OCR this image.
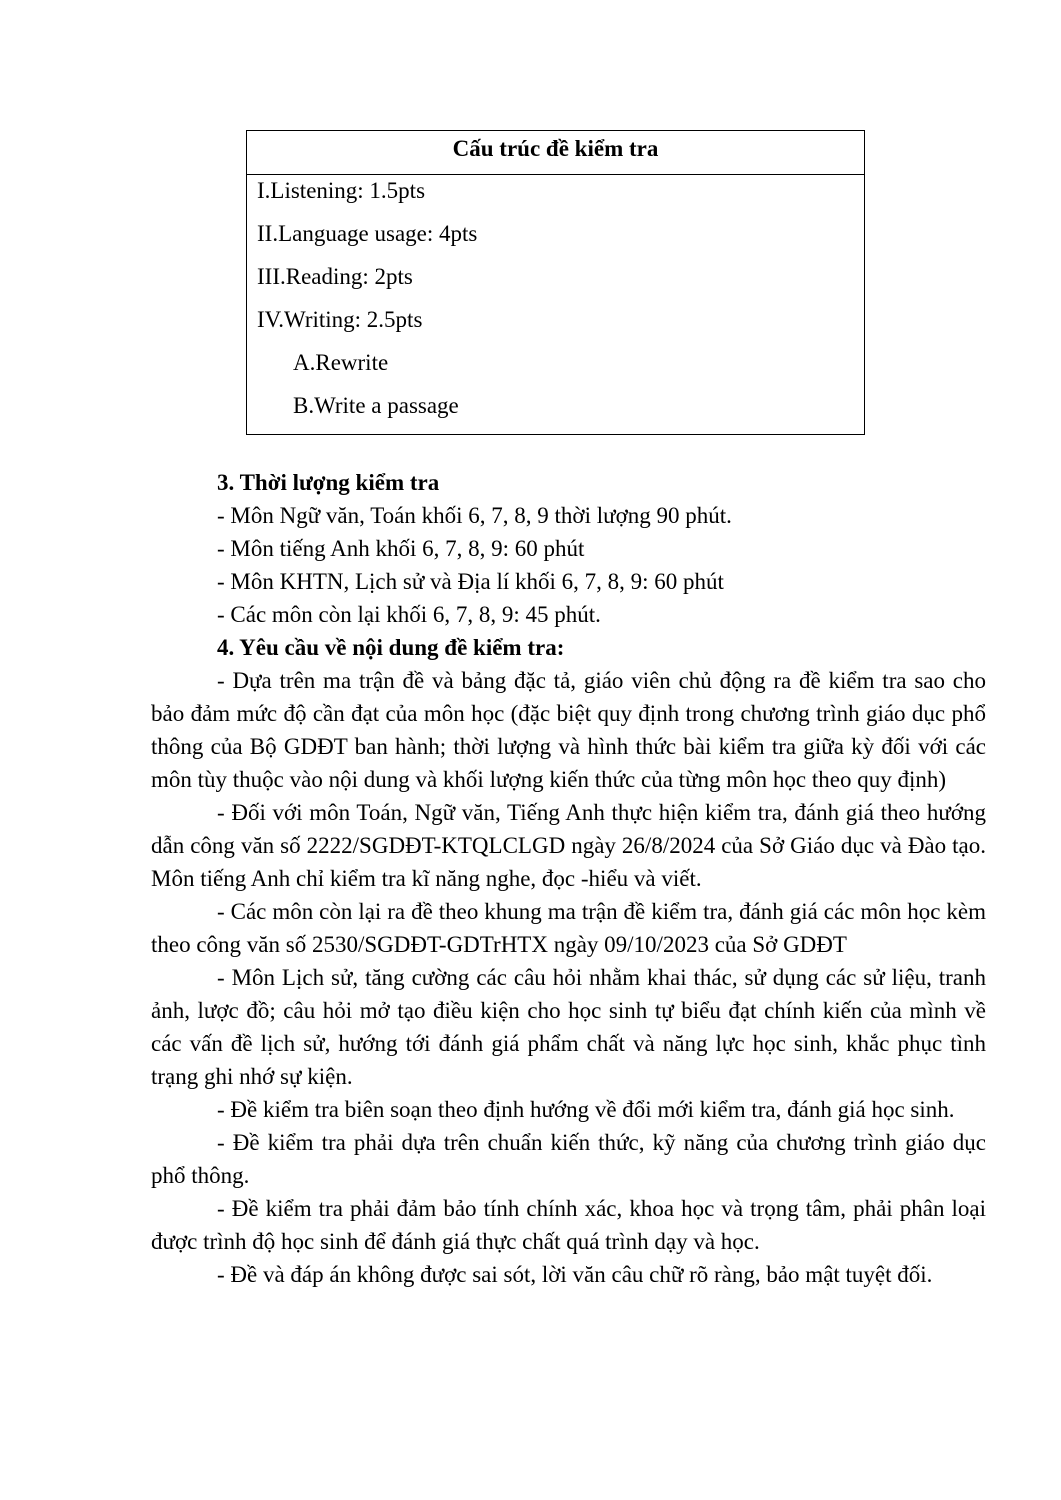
Cấu trúc đề kiểm tra
I.Listening: 1.5pts
II.Language usage: 4pts
III.Reading: 2pts
IV.Writing: 2.5pts
A.Rewrite
B.Write a passage

3. Thời lượng kiểm tra

- Môn Ngữ văn, Toán khối 6, 7, 8, 9 thời lượng 90 phút.

- Môn tiếng Anh khối 6, 7, 8, 9: 60 phút

- Môn KHTN, Lịch sử và Địa lí khối 6, 7, 8, 9: 60 phút

- Các môn còn lại khối 6, 7, 8, 9: 45 phút.

4. Yêu cầu về nội dung đề kiểm tra:

- Dựa trên ma trận đề và bảng đặc tả, giáo viên chủ động ra đề kiểm tra sao cho bảo đảm mức độ cần đạt của môn học (đặc biệt quy định trong chương trình giáo dục phổ thông của Bộ GDĐT ban hành; thời lượng và hình thức bài kiểm tra giữa kỳ đối với các môn tùy thuộc vào nội dung và khối lượng kiến thức của từng môn học theo quy định)

- Đối với môn Toán, Ngữ văn, Tiếng Anh thực hiện kiểm tra, đánh giá theo hướng dẫn công văn số 2222/SGDĐT-KTQLCLGD ngày 26/8/2024 của Sở Giáo dục và Đào tạo. Môn tiếng Anh chỉ kiểm tra kĩ năng nghe, đọc -hiểu và viết.

- Các môn còn lại ra đề theo khung ma trận đề kiểm tra, đánh giá các môn học kèm theo công văn số 2530/SGDĐT-GDTrHTX ngày 09/10/2023 của Sở GDĐT

- Môn Lịch sử, tăng cường các câu hỏi nhằm khai thác, sử dụng các sử liệu, tranh ảnh, lược đồ; câu hỏi mở tạo điều kiện cho học sinh tự biểu đạt chính kiến của mình về các vấn đề lịch sử, hướng tới đánh giá phẩm chất và năng lực học sinh, khắc phục tình trạng ghi nhớ sự kiện.

- Đề kiểm tra biên soạn theo định hướng về đổi mới kiểm tra, đánh giá học sinh.

- Đề kiểm tra phải dựa trên chuẩn kiến thức, kỹ năng của chương trình giáo dục phổ thông.

- Đề kiểm tra phải đảm bảo tính chính xác, khoa học và trọng tâm, phải phân loại được trình độ học sinh để đánh giá thực chất quá trình dạy và học.

- Đề và đáp án không được sai sót, lời văn câu chữ rõ ràng, bảo mật tuyệt đối.
